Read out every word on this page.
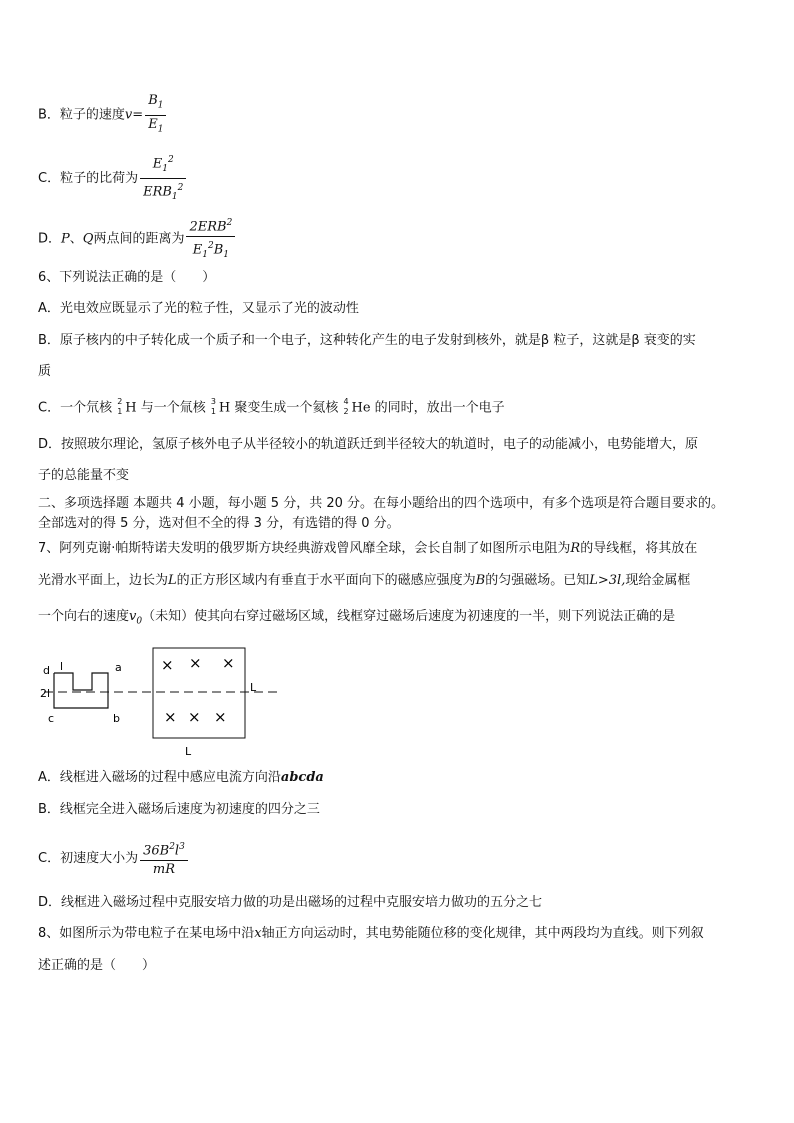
B．粒子的速度$v= \frac{B_1}{E_1}$
C．粒子的比荷为 $\frac{E_1^2}{ERB_1^2}$
D．P、Q两点间的距离为 $\frac{2ERB^2}{E_1^2B_1}$
6、下列说法正确的是（　　）
A．光电效应既显示了光的粒子性，又显示了光的波动性
B．原子核内的中子转化成一个质子和一个电子，这种转化产生的电子发射到核外，就是β 粒子，这就是β 衰变的实
质
C．一个氘核 2
1 H 与一个氚核 3
1 H 聚变生成一个氦核 4
2 He 的同时，放出一个电子
D．按照玻尔理论，氢原子核外电子从半径较小的轨道跃迁到半径较大的轨道时，电子的动能减小，电势能增大，原
子的总能量不变
二、多项选择题 本题共 4 小题，每小题 5 分，共 20 分。在每小题给出的四个选项中，有多个选项是符合题目要求的。
全部选对的得 5 分，选对但不全的得 3 分，有选错的得 0 分。
7、阿列克谢·帕斯特诺夫发明的俄罗斯方块经典游戏曾风靡全球，会长自制了如图所示电阻为R的导线框，将其放在
光滑水平面上，边长为L的正方形区域内有垂直于水平面向下的磁感应强度为B的匀强磁场。已知L>3l,现给金属框
一个向右的速度$v_0$（未知）使其向右穿过磁场区域，线框穿过磁场后速度为初速度的一半，则下列说法正确的是
d l	a
2l
c	b
L
L
× × ×
× × ×
A．线框进入磁场的过程中感应电流方向沿abcda
B．线框完全进入磁场后速度为初速度的四分之三
C．初速度大小为 $\frac{36B^2l^3}{mR}$
D．线框进入磁场过程中克服安培力做的功是出磁场的过程中克服安培力做功的五分之七
8、如图所示为带电粒子在某电场中沿x轴正方向运动时，其电势能随位移的变化规律，其中两段均为直线。则下列叙
述正确的是（　　）
